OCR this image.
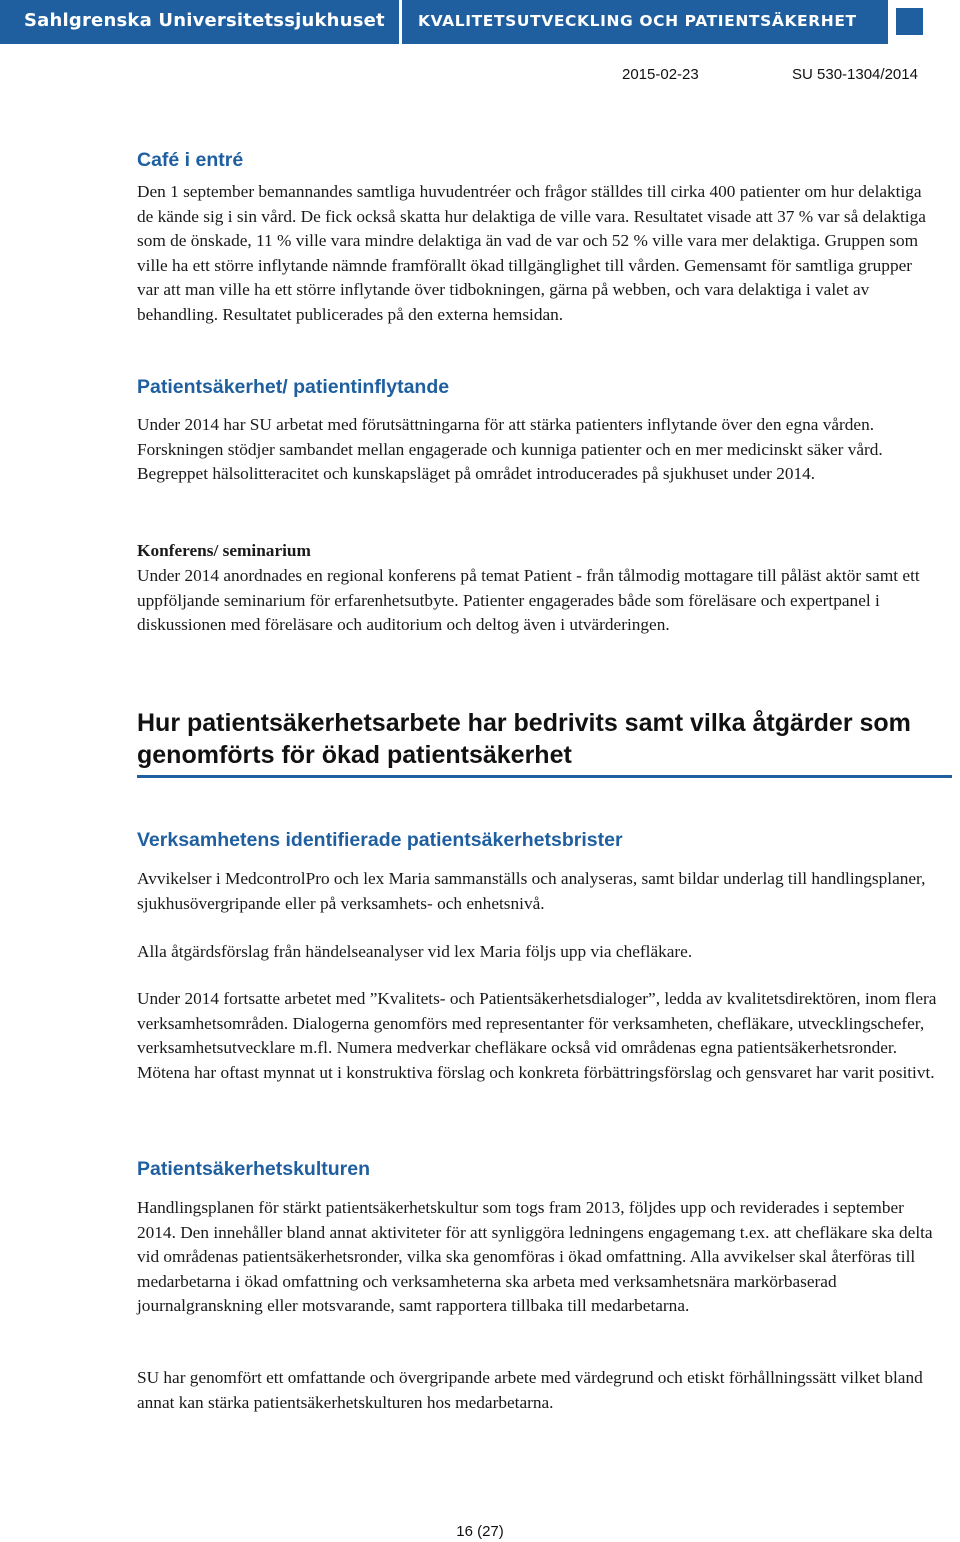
Sahlgrenska Universitetssjukhuset KVALITETSUTVECKLING OCH PATIENTSÄKERHET
2015-02-23	SU 530-1304/2014
Café i entré

Den 1 september bemannandes samtliga huvudentréer och frågor ställdes till cirka 400 patienter om hur delaktiga de kände sig i sin vård. De fick också skatta hur delaktiga de ville vara. Resultatet visade att 37 % var så delaktiga som de önskade, 11 % ville vara mindre delaktiga än vad de var och 52 % ville vara mer delaktiga. Gruppen som ville ha ett större inflytande nämnde framförallt ökad tillgänglighet till vården. Gemensamt för samtliga grupper var att man ville ha ett större inflytande över tidbokningen, gärna på webben, och vara delaktiga i valet av behandling. Resultatet publicerades på den externa hemsidan.

Patientsäkerhet/ patientinflytande

Under 2014 har SU arbetat med förutsättningarna för att stärka patienters inflytande över den egna vården. Forskningen stödjer sambandet mellan engagerade och kunniga patienter och en mer medicinskt säker vård. Begreppet hälsolitteracitet och kunskapsläget på området introducerades på sjukhuset under 2014.

Konferens/ seminarium

Under 2014 anordnades en regional konferens på temat Patient - från tålmodig mottagare till påläst aktör samt ett uppföljande seminarium för erfarenhetsutbyte. Patienter engagerades både som föreläsare och expertpanel i diskussionen med föreläsare och auditorium och deltog även i utvärderingen.

Hur patientsäkerhetsarbete har bedrivits samt vilka åtgärder som genomförts för ökad patientsäkerhet
Verksamhetens identifierade patientsäkerhetsbrister

Avvikelser i MedcontrolPro och lex Maria sammanställs och analyseras, samt bildar underlag till handlingsplaner, sjukhusövergripande eller på verksamhets- och enhetsnivå.

Alla åtgärdsförslag från händelseanalyser vid lex Maria följs upp via chefläkare.

Under 2014 fortsatte arbetet med ”Kvalitets- och Patientsäkerhetsdialoger”, ledda av kvalitetsdirektören, inom flera verksamhetsområden. Dialogerna genomförs med representanter för verksamheten, chefläkare, utvecklingschefer, verksamhetsutvecklare m.fl. Numera medverkar chefläkare också vid områdenas egna patientsäkerhetsronder. Mötena har oftast mynnat ut i konstruktiva förslag och konkreta förbättringsförslag och gensvaret har varit positivt.

Patientsäkerhetskulturen

Handlingsplanen för stärkt patientsäkerhetskultur som togs fram 2013, följdes upp och reviderades i september 2014. Den innehåller bland annat aktiviteter för att synliggöra ledningens engagemang t.ex. att chefläkare ska delta vid områdenas patientsäkerhetsronder, vilka ska genomföras i ökad omfattning. Alla avvikelser skal återföras till medarbetarna i ökad omfattning och verksamheterna ska arbeta med verksamhetsnära markörbaserad journalgranskning eller motsvarande, samt rapportera tillbaka till medarbetarna.

SU har genomfört ett omfattande och övergripande arbete med värdegrund och etiskt förhållningssätt vilket bland annat kan stärka patientsäkerhetskulturen hos medarbetarna.

16 (27)
